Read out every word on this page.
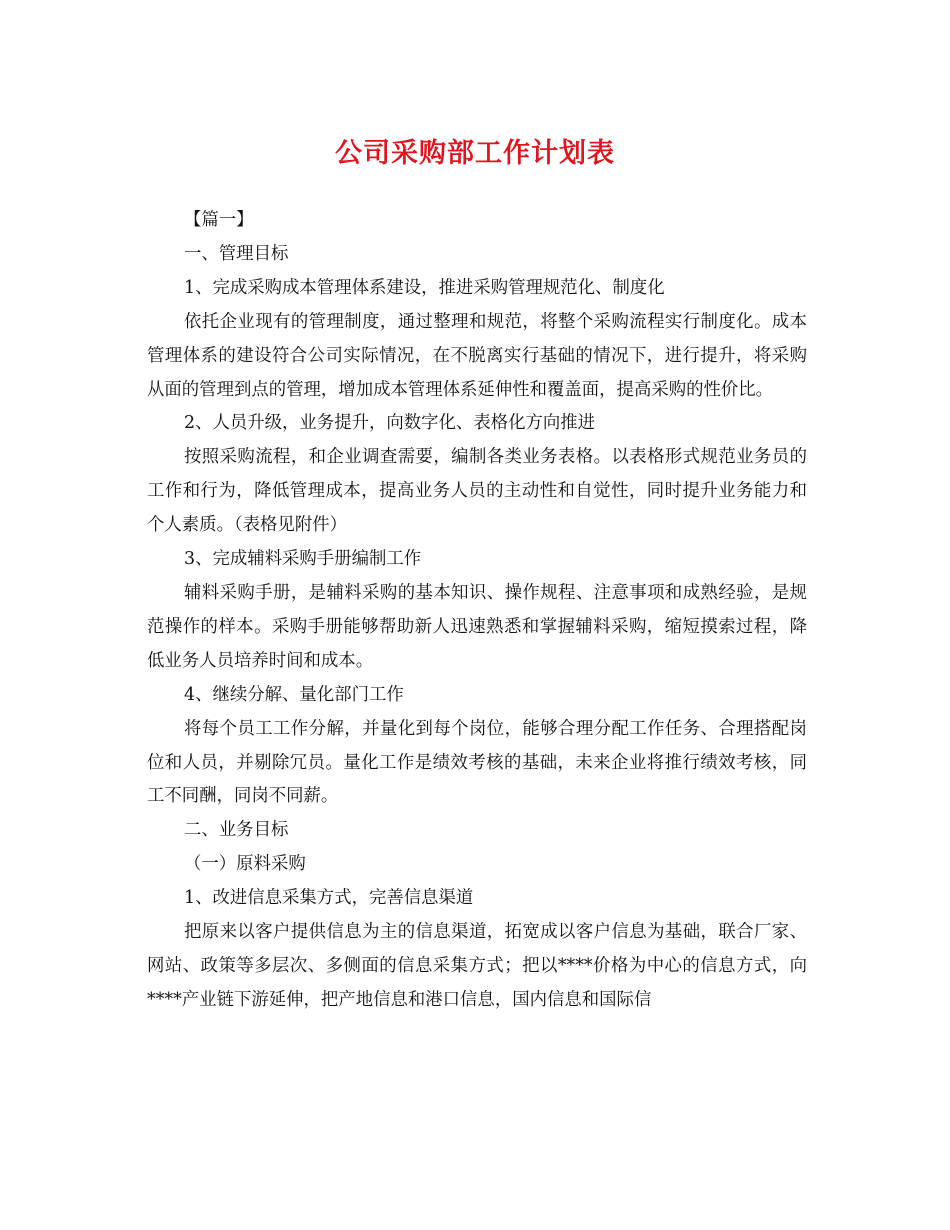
公司采购部工作计划表

【篇一】

一、管理目标

1、完成采购成本管理体系建设，推进采购管理规范化、制度化

依托企业现有的管理制度，通过整理和规范，将整个采购流程实行制度化。成本管理体系的建设符合公司实际情况，在不脱离实行基础的情况下，进行提升，将采购从面的管理到点的管理，增加成本管理体系延伸性和覆盖面，提高采购的性价比。

2、人员升级，业务提升，向数字化、表格化方向推进

按照采购流程，和企业调查需要，编制各类业务表格。以表格形式规范业务员的工作和行为，降低管理成本，提高业务人员的主动性和自觉性，同时提升业务能力和个人素质。（表格见附件）

3、完成辅料采购手册编制工作

辅料采购手册，是辅料采购的基本知识、操作规程、注意事项和成熟经验，是规范操作的样本。采购手册能够帮助新人迅速熟悉和掌握辅料采购，缩短摸索过程，降低业务人员培养时间和成本。

4、继续分解、量化部门工作

将每个员工工作分解，并量化到每个岗位，能够合理分配工作任务、合理搭配岗位和人员，并剔除冗员。量化工作是绩效考核的基础，未来企业将推行绩效考核，同工不同酬，同岗不同薪。

二、业务目标

（一）原料采购

1、改进信息采集方式，完善信息渠道

把原来以客户提供信息为主的信息渠道，拓宽成以客户信息为基础，联合厂家、网站、政策等多层次、多侧面的信息采集方式；把以****价格为中心的信息方式，向****产业链下游延伸，把产地信息和港口信息，国内信息和国际信
